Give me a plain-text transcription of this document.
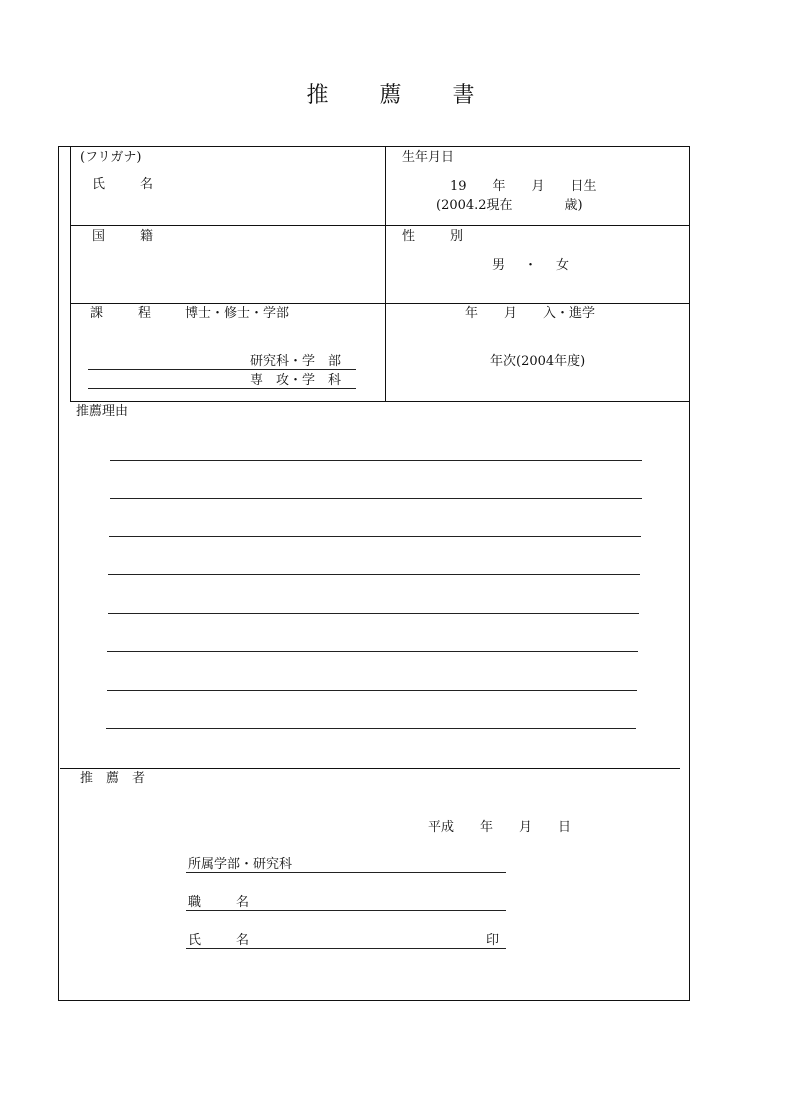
推 薦 書
(フリガナ)
氏　　名
生年月日
19　　年　　月　　日生
(2004.2現在　　　　歳)
国　　籍	性　　別
男　・　女
課　　程 博士・修士・学部
研究科・学　部
専　攻・学　科
年　　月　　入・進学
年次(2004年度)
推薦理由
推　薦　者
平成　　年　　月　　日
所属学部・研究科
職　　名
氏　　名	印
